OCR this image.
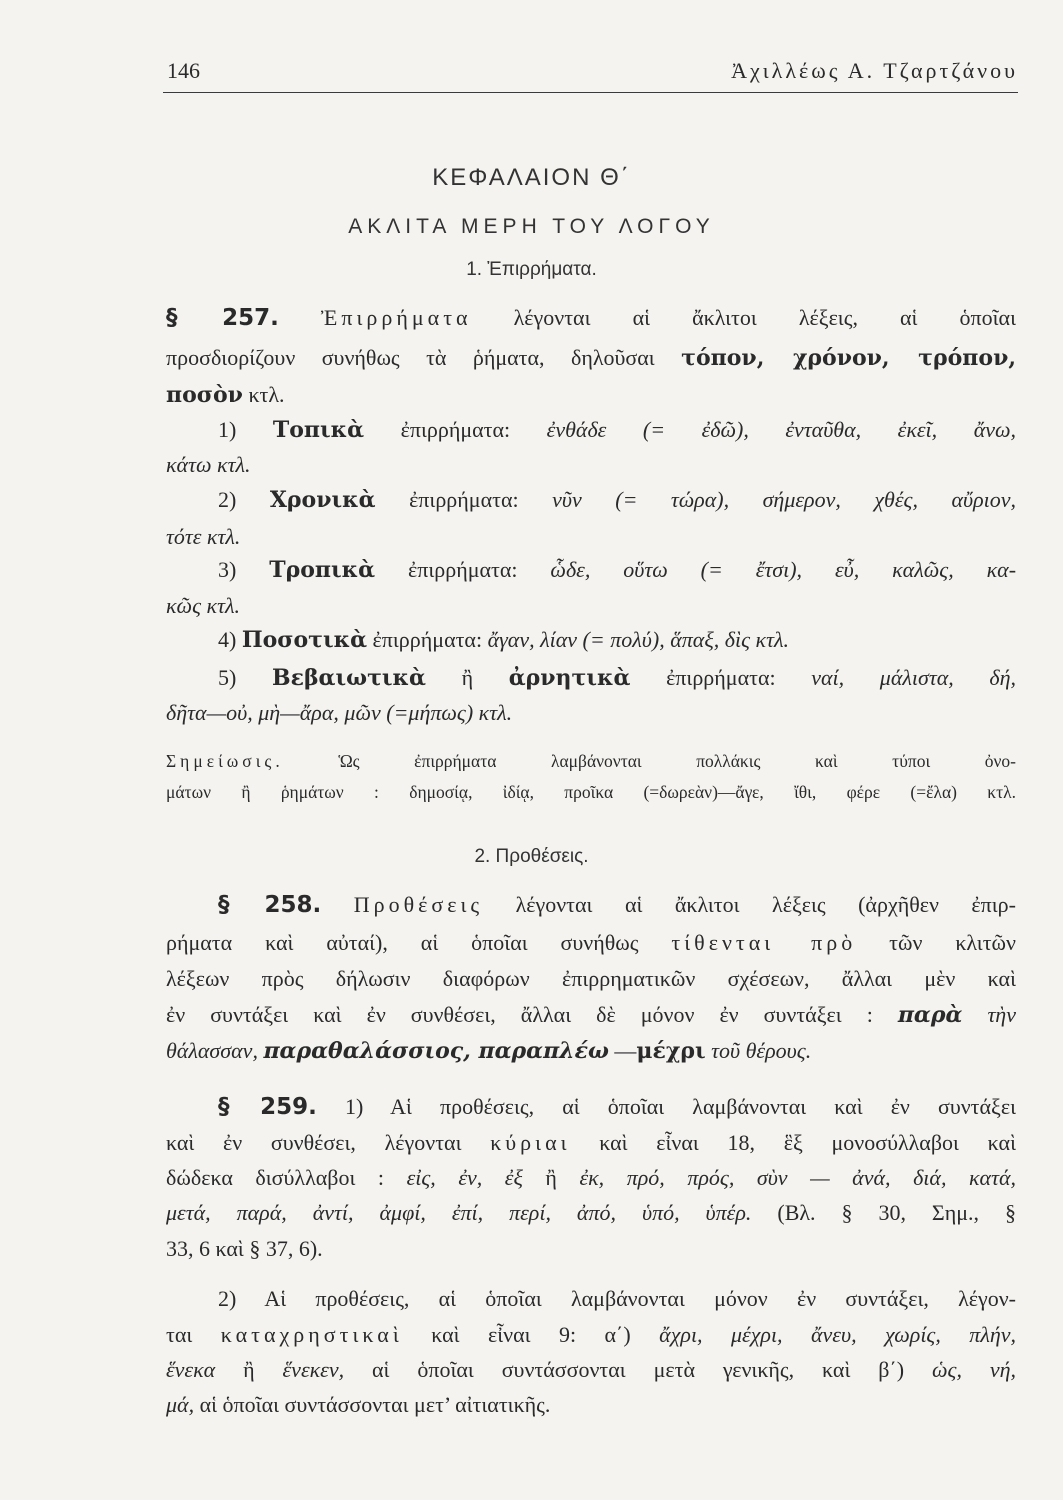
146	Ἀχιλλέως Α. Τζαρτζάνου
ΚΕΦΑΛΑΙΟΝ Θ΄
ΑΚΛΙΤΑ ΜΕΡΗ ΤΟΥ ΛΟΓΟΥ
1. Ἐπιρρήματα.
§ 257. Ἐπιρρήματα λέγονται αἱ ἄκλιτοι λέξεις, αἱ ὁποῖαι
προσδιορίζουν συνήθως τὰ ῥήματα, δηλοῦσαι τόπον, χρόνον, τρόπον,
ποσὸν κτλ.
1) Τοπικὰ ἐπιρρήματα: ἐνθάδε (= ἐδῶ), ἐνταῦθα, ἐκεῖ, ἄνω,
κάτω κτλ.
2) Χρονικὰ ἐπιρρήματα: νῦν (= τώρα), σήμερον, χθές, αὔριον,
τότε κτλ.
3) Τροπικὰ ἐπιρρήματα: ὧδε, οὕτω (= ἔτσι), εὖ, καλῶς, κα-
κῶς κτλ.
4) Ποσοτικὰ ἐπιρρήματα: ἄγαν, λίαν (= πολύ), ἅπαξ, δὶς κτλ.
5) Βεβαιωτικὰ ἢ ἀρνητικὰ ἐπιρρήματα: ναί, μάλιστα, δή,
δῆτα—οὐ, μὴ—ἄρα, μῶν (=μήπως) κτλ.
Σημείωσις.	Ὡς ἐπιρρήματα λαμβάνονται πολλάκις καὶ τύποι ὀνο-
μάτων ἢ ῥημάτων : δημοσίᾳ, ἰδίᾳ, προῖκα (=δωρεὰν)—ἄγε, ἴθι, φέρε (=ἔλα) κτλ.
2. Προθέσεις.
§ 258. Προθέσεις λέγονται αἱ ἄκλιτοι λέξεις (ἀρχῆθεν ἐπιρ-
ρήματα καὶ αὐταί), αἱ ὁποῖαι συνήθως τίθενται πρὸ τῶν κλιτῶν
λέξεων πρὸς δήλωσιν διαφόρων ἐπιρρηματικῶν σχέσεων, ἄλλαι μὲν καὶ
ἐν συντάξει καὶ ἐν συνθέσει, ἄλλαι δὲ μόνον ἐν συντάξει : παρὰ τὴν
θάλασσαν, παραθαλάσσιος, παραπλέω —μέχρι τοῦ θέρους.
§ 259. 1) Αἱ προθέσεις, αἱ ὁποῖαι λαμβάνονται καὶ ἐν συντάξει
καὶ ἐν συνθέσει, λέγονται κύριαι καὶ εἶναι 18, ἓξ μονοσύλλαβοι καὶ
δώδεκα δισύλλαβοι : εἰς, ἐν, ἐξ ἢ ἐκ, πρό, πρός, σὺν — ἀνά, διά, κατά,
μετά, παρά, ἀντί, ἀμφί, ἐπί, περί, ἀπό, ὑπό, ὑπέρ. (Βλ. § 30, Σημ., §
33, 6 καὶ § 37, 6).
2) Αἱ προθέσεις, αἱ ὁποῖαι λαμβάνονται μόνον ἐν συντάξει, λέγον-
ται καταχρηστικαὶ καὶ εἶναι 9: α΄) ἄχρι, μέχρι, ἄνευ, χωρίς, πλήν,
ἕνεκα ἢ ἕνεκεν, αἱ ὁποῖαι συντάσσονται μετὰ γενικῆς, καὶ β΄) ὡς, νή,
μά, αἱ ὁποῖαι συντάσσονται μετ’ αἰτιατικῆς.
